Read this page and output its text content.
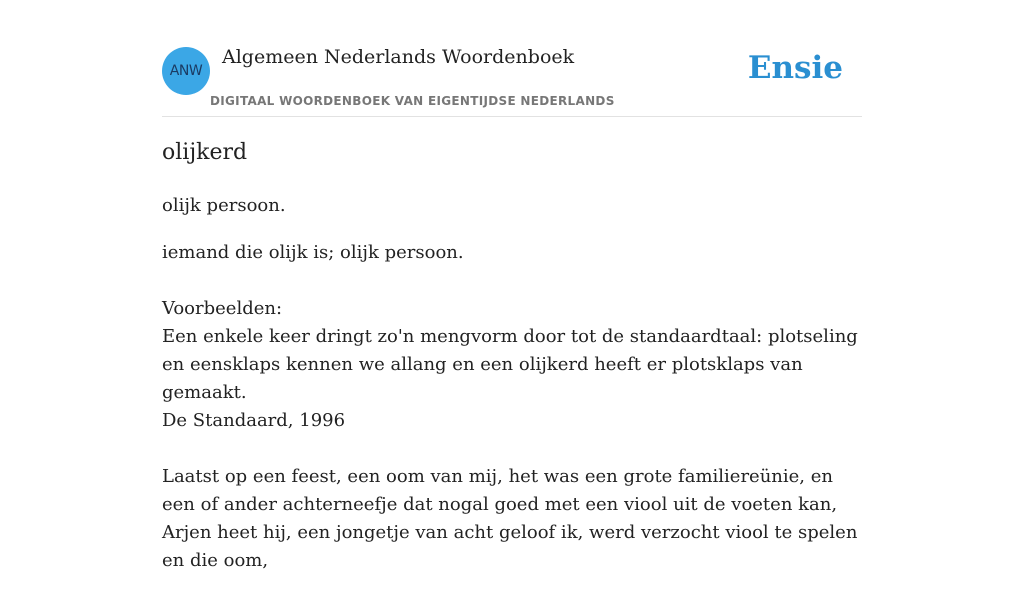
ANW
Algemeen Nederlands Woordenboek
DIGITAAL WOORDENBOEK VAN EIGENTIJDSE NEDERLANDS
Ensie
olijkerd

olijk persoon.

iemand die olijk is; olijk persoon.

Voorbeelden:

Een enkele keer dringt zo'n mengvorm door tot de standaardtaal: plotseling en eensklaps kennen we allang en een olijkerd heeft er plotsklaps van gemaakt.

De Standaard, 1996

Laatst op een feest, een oom van mij, het was een grote familiereünie, en een of ander achterneefje dat nogal goed met een viool uit de voeten kan, Arjen heet hij, een jongetje van acht geloof ik, werd verzocht viool te spelen en die oom,
